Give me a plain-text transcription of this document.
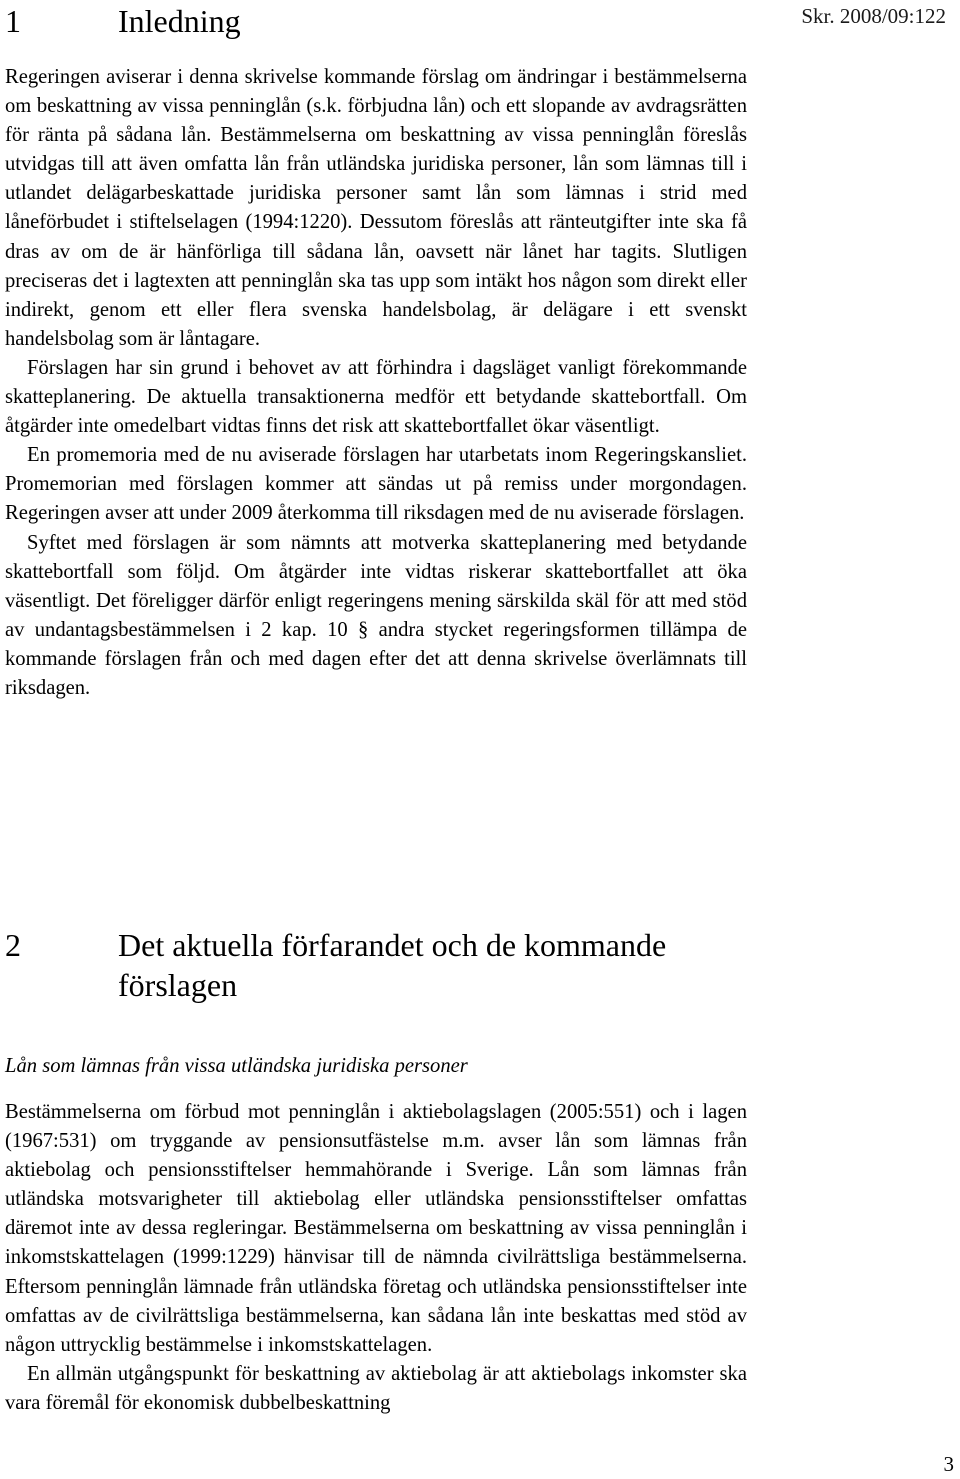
Skr. 2008/09:122
1	Inledning

Regeringen aviserar i denna skrivelse kommande förslag om ändringar i bestämmelserna om beskattning av vissa penninglån (s.k. förbjudna lån) och ett slopande av avdragsrätten för ränta på sådana lån. Bestämmelserna om beskattning av vissa penninglån föreslås utvidgas till att även omfatta lån från utländska juridiska personer, lån som lämnas till i utlandet delägarbeskattade juridiska personer samt lån som lämnas i strid med låneförbudet i stiftelselagen (1994:1220). Dessutom föreslås att ränteutgifter inte ska få dras av om de är hänförliga till sådana lån, oavsett när lånet har tagits. Slutligen preciseras det i lagtexten att penninglån ska tas upp som intäkt hos någon som direkt eller indirekt, genom ett eller flera svenska handelsbolag, är delägare i ett svenskt handelsbolag som är låntagare.

Förslagen har sin grund i behovet av att förhindra i dagsläget vanligt förekommande skatteplanering. De aktuella transaktionerna medför ett betydande skattebortfall. Om åtgärder inte omedelbart vidtas finns det risk att skattebortfallet ökar väsentligt.

En promemoria med de nu aviserade förslagen har utarbetats inom Regeringskansliet. Promemorian med förslagen kommer att sändas ut på remiss under morgondagen. Regeringen avser att under 2009 återkomma till riksdagen med de nu aviserade förslagen.

Syftet med förslagen är som nämnts att motverka skatteplanering med betydande skattebortfall som följd. Om åtgärder inte vidtas riskerar skattebortfallet att öka väsentligt. Det föreligger därför enligt regeringens mening särskilda skäl för att med stöd av undantagsbestämmelsen i 2 kap. 10 § andra stycket regeringsformen tillämpa de kommande förslagen från och med dagen efter det att denna skrivelse överlämnats till riksdagen.

2	Det aktuella förfarandet och de kommande förslagen
Lån som lämnas från vissa utländska juridiska personer

Bestämmelserna om förbud mot penninglån i aktiebolagslagen (2005:551) och i lagen (1967:531) om tryggande av pensionsutfästelse m.m. avser lån som lämnas från aktiebolag och pensionsstiftelser hemmahörande i Sverige. Lån som lämnas från utländska motsvarigheter till aktiebolag eller utländska pensionsstiftelser omfattas däremot inte av dessa regleringar. Bestämmelserna om beskattning av vissa penninglån i inkomstskattelagen (1999:1229) hänvisar till de nämnda civilrättsliga bestämmelserna. Eftersom penninglån lämnade från utländska företag och utländska pensionsstiftelser inte omfattas av de civilrättsliga bestämmelserna, kan sådana lån inte beskattas med stöd av någon uttrycklig bestämmelse i inkomstskattelagen.

En allmän utgångspunkt för beskattning av aktiebolag är att aktiebolags inkomster ska vara föremål för ekonomisk dubbelbeskattning

3
